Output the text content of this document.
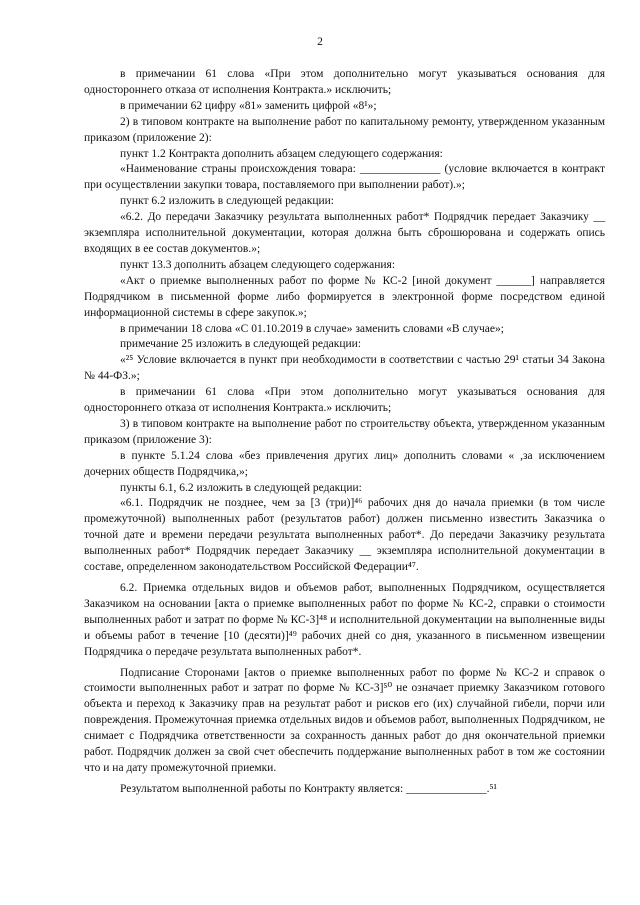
2

в примечании 61 слова «При этом дополнительно могут указываться основания для одностороннего отказа от исполнения Контракта.» исключить;

в примечании 62 цифру «81» заменить цифрой «8¹»;

2) в типовом контракте на выполнение работ по капитальному ремонту, утвержденном указанным приказом (приложение 2):

пункт 1.2 Контракта дополнить абзацем следующего содержания:

«Наименование страны происхождения товара: ______________ (условие включается в контракт при осуществлении закупки товара, поставляемого при выполнении работ).»;

пункт 6.2 изложить в следующей редакции:

«6.2. До передачи Заказчику результата выполненных работ* Подрядчик передает Заказчику __ экземпляра исполнительной документации, которая должна быть сброшюрована и содержать опись входящих в ее состав документов.»;

пункт 13.3 дополнить абзацем следующего содержания:

«Акт о приемке выполненных работ по форме № КС-2 [иной документ ______] направляется Подрядчиком в письменной форме либо формируется в электронной форме посредством единой информационной системы в сфере закупок.»;

в примечании 18 слова «С 01.10.2019 в случае» заменить словами «В случае»;

примечание 25 изложить в следующей редакции:

«²⁵ Условие включается в пункт при необходимости в соответствии с частью 29¹ статьи 34 Закона № 44-ФЗ.»;

в примечании 61 слова «При этом дополнительно могут указываться основания для одностороннего отказа от исполнения Контракта.» исключить;

3) в типовом контракте на выполнение работ по строительству объекта, утвержденном указанным приказом (приложение 3):

в пункте 5.1.24 слова «без привлечения других лиц» дополнить словами « ,за исключением дочерних обществ Подрядчика,»;

пункты 6.1, 6.2 изложить в следующей редакции:

«6.1. Подрядчик не позднее, чем за [3 (три)]⁴⁶ рабочих дня до начала приемки (в том числе промежуточной) выполненных работ (результатов работ) должен письменно известить Заказчика о точной дате и времени передачи результата выполненных работ*. До передачи Заказчику результата выполненных работ* Подрядчик передает Заказчику __ экземпляра исполнительной документации в составе, определенном законодательством Российской Федерации⁴⁷.

6.2. Приемка отдельных видов и объемов работ, выполненных Подрядчиком, осуществляется Заказчиком на основании [акта о приемке выполненных работ по форме № КС-2, справки о стоимости выполненных работ и затрат по форме № КС-3]⁴⁸ и исполнительной документации на выполненные виды и объемы работ в течение [10 (десяти)]⁴⁹ рабочих дней со дня, указанного в письменном извещении Подрядчика о передаче результата выполненных работ*.

Подписание Сторонами [актов о приемке выполненных работ по форме № КС-2 и справок о стоимости выполненных работ и затрат по форме № КС-3]⁵⁰ не означает приемку Заказчиком готового объекта и переход к Заказчику прав на результат работ и рисков его (их) случайной гибели, порчи или повреждения. Промежуточная приемка отдельных видов и объемов работ, выполненных Подрядчиком, не снимает с Подрядчика ответственности за сохранность данных работ до дня окончательной приемки работ. Подрядчик должен за свой счет обеспечить поддержание выполненных работ в том же состоянии что и на дату промежуточной приемки.

Результатом выполненной работы по Контракту является: ______________.⁵¹
